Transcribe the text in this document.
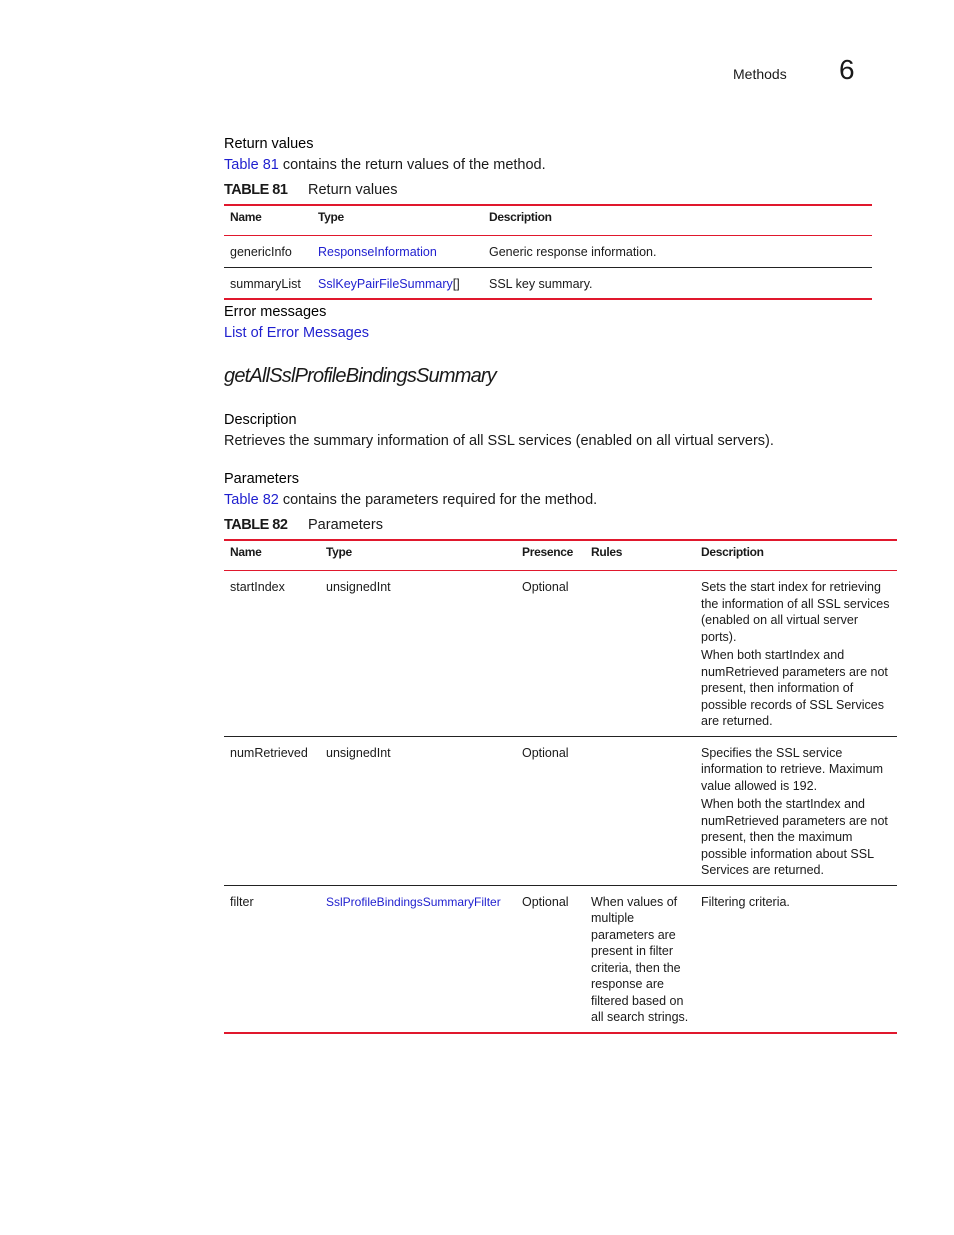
Methods 6
Return values
Table 81 contains the return values of the method.
TABLE 81 Return values
Name	Type	Description
genericInfo	ResponseInformation	Generic response information.
summaryList	SslKeyPairFileSummary[]	SSL key summary.
Error messages
List of Error Messages
getAllSslProfileBindingsSummary
Description
Retrieves the summary information of all SSL services (enabled on all virtual servers).
Parameters
Table 82 contains the parameters required for the method.
TABLE 82 Parameters
Name	Type	Presence	Rules	Description
startIndex	unsignedInt	Optional		Sets the start index for retrieving the information of all SSL services (enabled on all virtual server ports).
When both startIndex and numRetrieved parameters are not present, then information of possible records of SSL Services are returned.

numRetrieved	unsignedInt	Optional		Specifies the SSL service information to retrieve. Maximum value allowed is 192.
When both the startIndex and numRetrieved parameters are not present, then the maximum possible information about SSL Services are returned.

filter	SslProfileBindingsSummaryFilter	Optional	When values of multiple parameters are present in filter criteria, then the response are filtered based on all search strings.	Filtering criteria.
